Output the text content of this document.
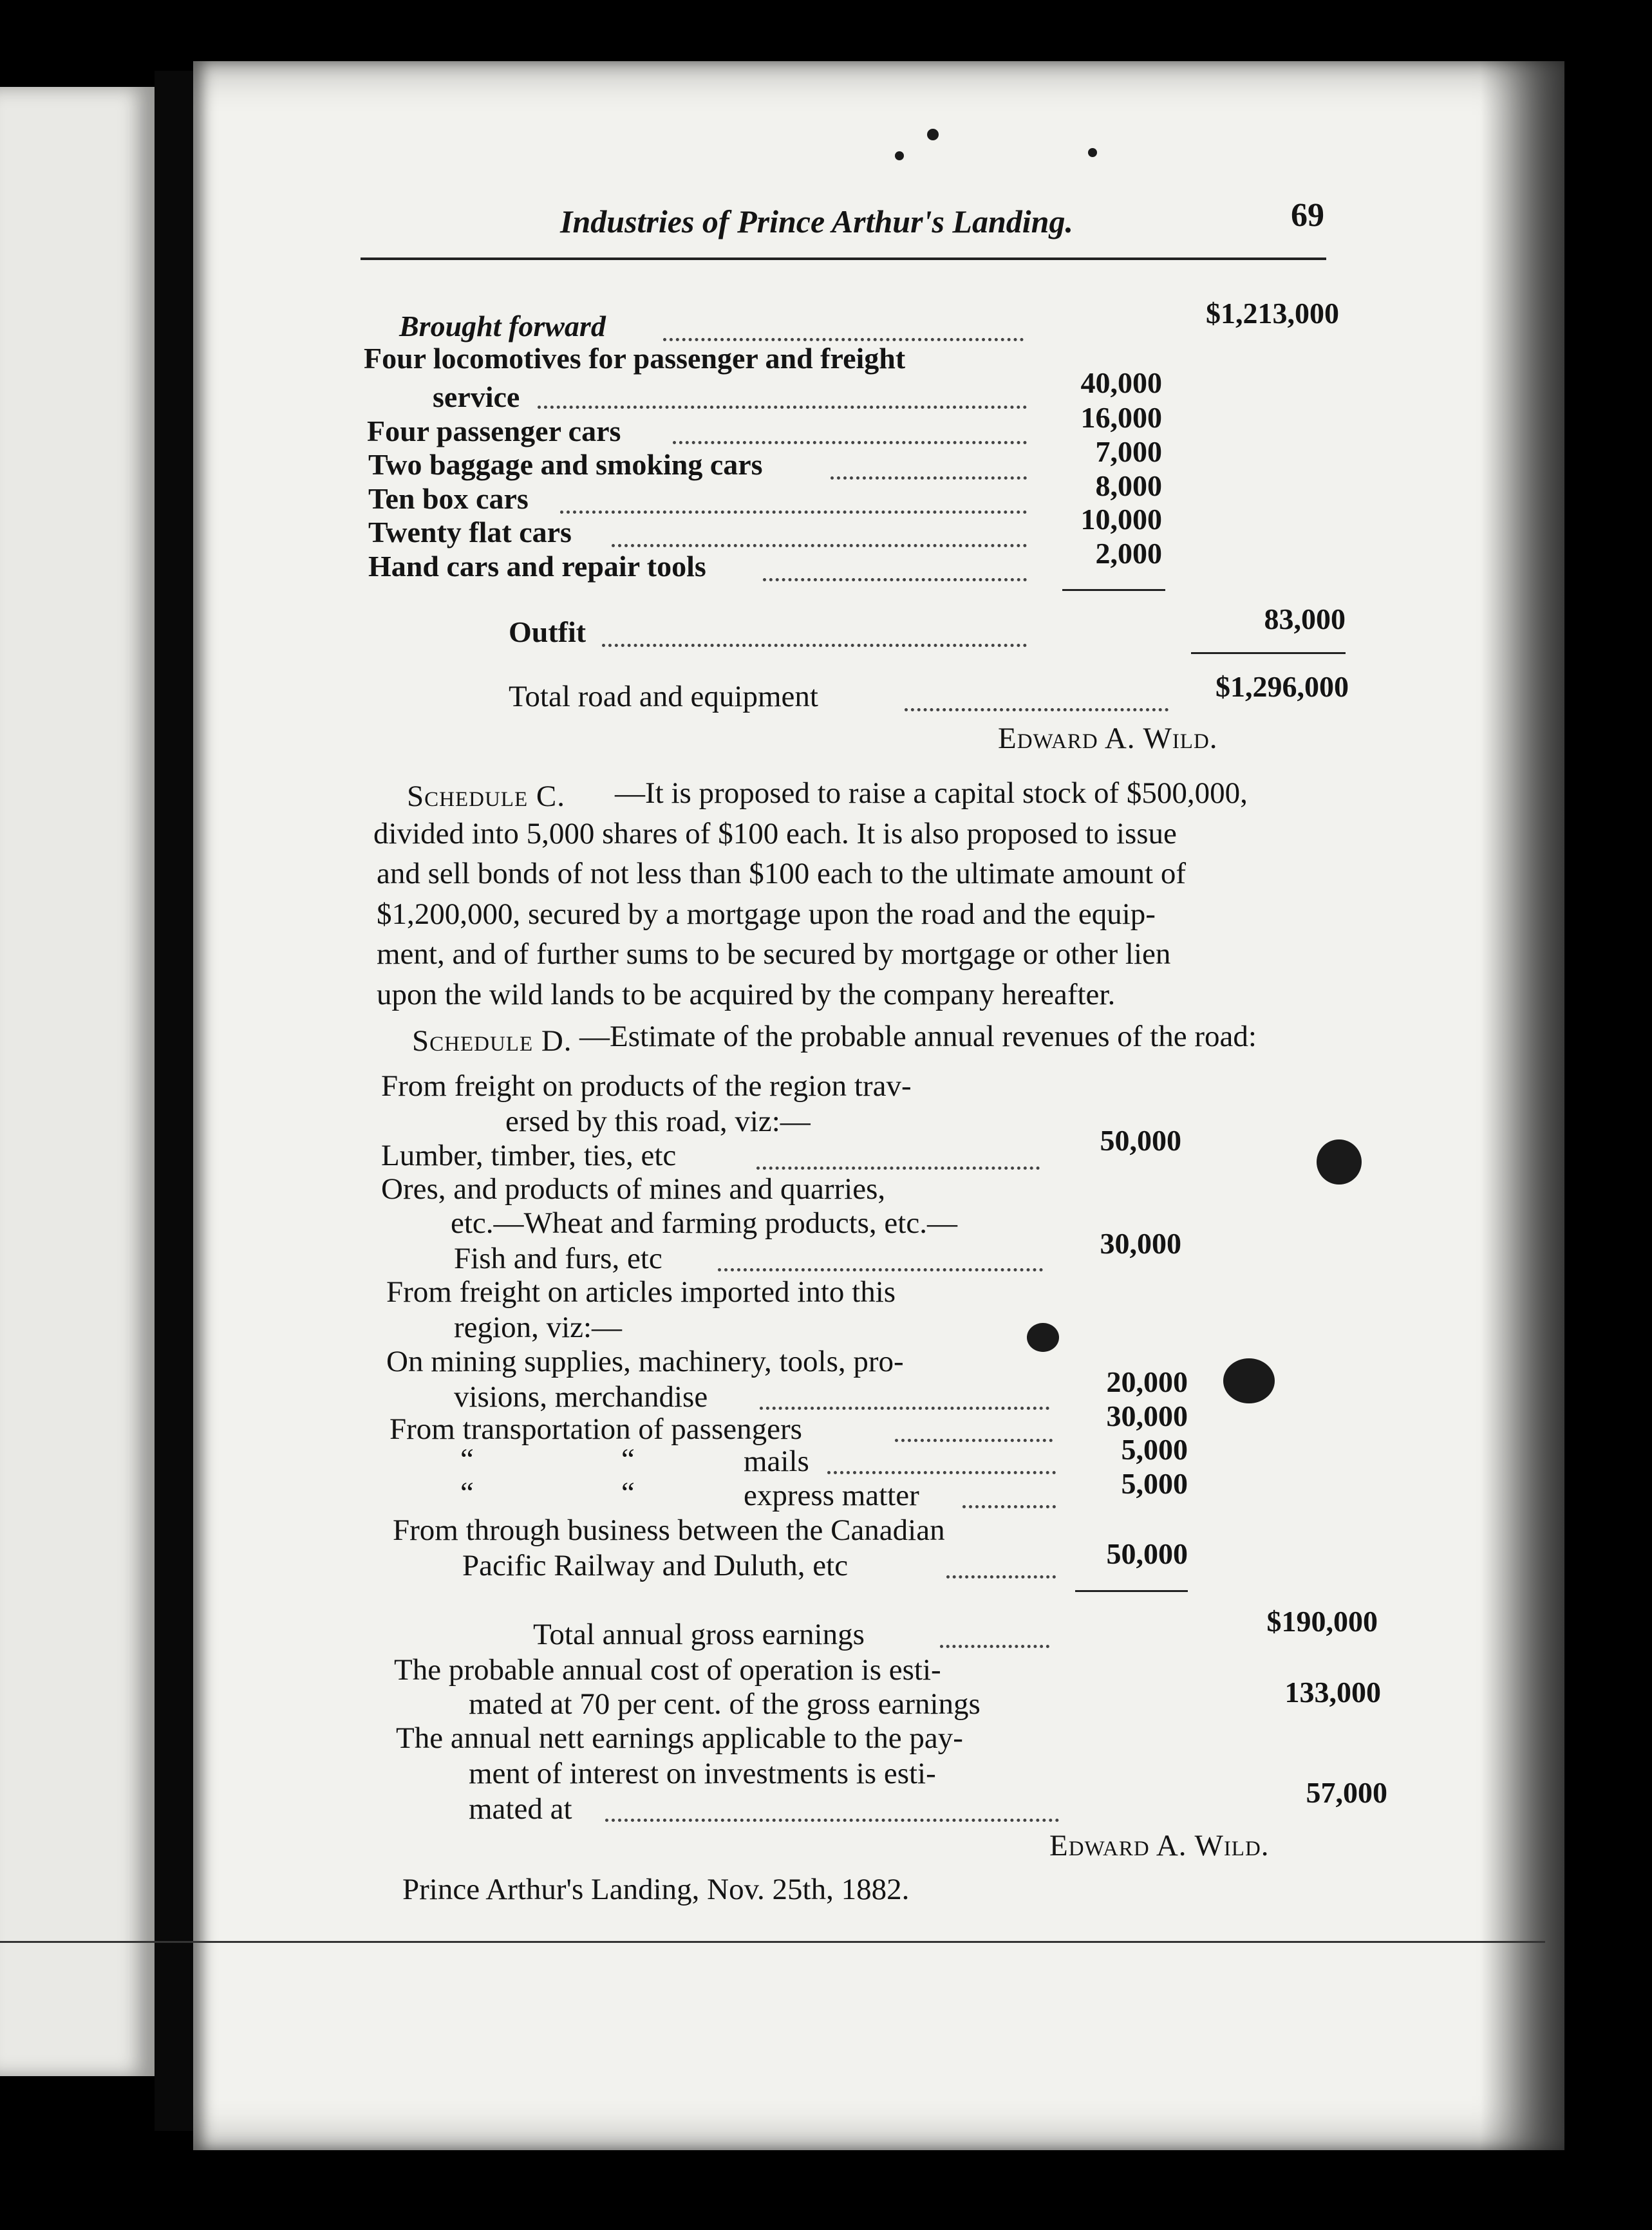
Industries of Prince Arthur's Landing.	69
Brought forward	$1,213,000
Four locomotives for passenger and freight
service	40,000
Four passenger cars	16,000
Two baggage and smoking cars	7,000
Ten box cars	8,000
Twenty flat cars	10,000
Hand cars and repair tools	2,000
Outfit	83,000
Total road and equipment	$1,296,000
Edward A. Wild.
Schedule C. —It is proposed to raise a capital stock of $500,000,
divided into 5,000 shares of $100 each. It is also proposed to issue
and sell bonds of not less than $100 each to the ultimate amount of
$1,200,000, secured by a mortgage upon the road and the equip-
ment, and of further sums to be secured by mortgage or other lien
upon the wild lands to be acquired by the company hereafter.
Schedule D. —Estimate of the probable annual revenues of the road:
From freight on products of the region trav-
ersed by this road, viz:—
Lumber, timber, ties, etc	50,000
Ores, and products of mines and quarries,
etc.—Wheat and farming products, etc.—
Fish and furs, etc	30,000
From freight on articles imported into this
region, viz:—
On mining supplies, machinery, tools, pro-
visions, merchandise	20,000
From transportation of passengers	30,000
“	“	mails	5,000
“	“	express matter	5,000
From through business between the Canadian
Pacific Railway and Duluth, etc	50,000
Total annual gross earnings	$190,000
The probable annual cost of operation is esti-
mated at 70 per cent. of the gross earnings	133,000
The annual nett earnings applicable to the pay-
ment of interest on investments is esti-
mated at	57,000
Edward A. Wild.
Prince Arthur's Landing, Nov. 25th, 1882.
